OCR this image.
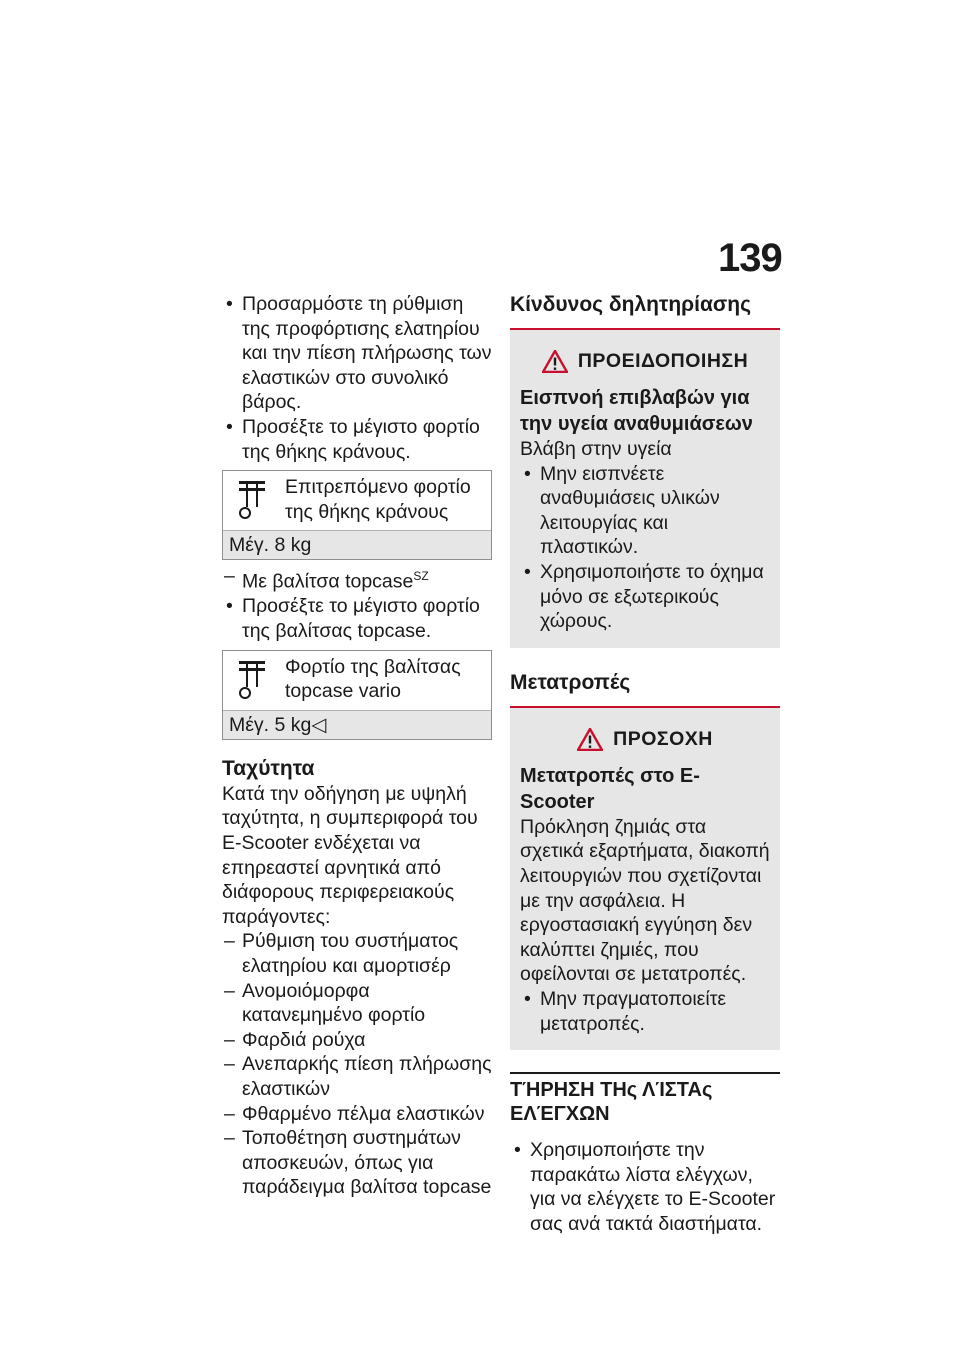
139
• Προσαρμόστε τη ρύθμιση της προφόρτισης ελατηρίου και την πίεση πλήρωσης των ελαστικών στο συνολικό βάρος.
• Προσέξτε το μέγιστο φορτίο της θήκης κράνους.
Επιτρεπόμενο φορτίο της θήκης κράνους
Μέγ. 8 kg
– Με βαλίτσα topcase$^{SZ}$
• Προσέξτε το μέγιστο φορτίο της βαλίτσας topcase.
Φορτίο της βαλίτσας topcase vario
Μέγ. 5 kg◁
Ταχύτητα
Κατά την οδήγηση με υψηλή ταχύτητα, η συμπεριφορά του E-Scooter ενδέχεται να επηρεαστεί αρνητικά από διάφορους περιφερειακούς παράγοντες:
– Ρύθμιση του συστήματος ελατηρίου και αμορτισέρ
– Ανομοιόμορφα κατανεμημένο φορτίο
– Φαρδιά ρούχα
– Ανεπαρκής πίεση πλήρωσης ελαστικών
– Φθαρμένο πέλμα ελαστικών
– Τοποθέτηση συστημάτων αποσκευών, όπως για παράδειγμα βαλίτσα topcase
Κίνδυνος δηλητηρίασης
ΠΡΟΕΙΔΟΠΟΙΗΣΗ
Εισπνοή επιβλαβών για την υγεία αναθυμιάσεων
Βλάβη στην υγεία
• Μην εισπνέετε αναθυμιάσεις υλικών λειτουργίας και πλαστικών.
• Χρησιμοποιήστε το όχημα μόνο σε εξωτερικούς χώρους.
Μετατροπές
ΠΡΟΣΟΧΗ
Μετατροπές στο E-Scooter
Πρόκληση ζημιάς στα σχετικά εξαρτήματα, διακοπή λειτουργιών που σχετίζονται με την ασφάλεια. Η εργοστασιακή εγγύηση δεν καλύπτει ζημιές, που οφείλονται σε μετατροπές.
• Μην πραγματοποιείτε μετατροπές.
ΤΉΡΗΣΗ ΤΗς ΛΊΣΤΑς ΕΛΈΓΧΩΝ
• Χρησιμοποιήστε την παρακάτω λίστα ελέγχων, για να ελέγχετε το E-Scooter σας ανά τακτά διαστήματα.
